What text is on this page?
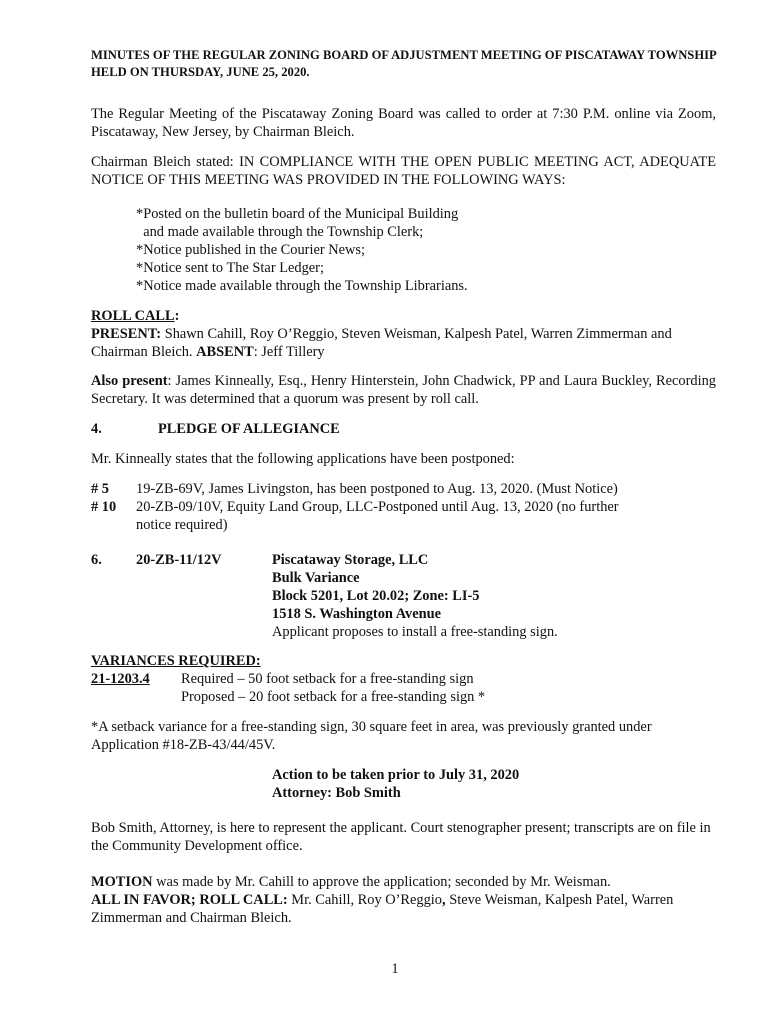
MINUTES OF THE REGULAR ZONING BOARD OF ADJUSTMENT MEETING OF PISCATAWAY TOWNSHIP HELD ON THURSDAY, JUNE 25, 2020.
The Regular Meeting of the Piscataway Zoning Board was called to order at 7:30 P.M. online via Zoom, Piscataway, New Jersey, by Chairman Bleich.
Chairman Bleich stated: IN COMPLIANCE WITH THE OPEN PUBLIC MEETING ACT, ADEQUATE NOTICE OF THIS MEETING WAS PROVIDED IN THE FOLLOWING WAYS:
*Posted on the bulletin board of the Municipal Building
and made available through the Township Clerk;
*Notice published in the Courier News;
*Notice sent to The Star Ledger;
*Notice made available through the Township Librarians.
ROLL CALL:
PRESENT: Shawn Cahill, Roy O’Reggio, Steven Weisman, Kalpesh Patel, Warren Zimmerman and Chairman Bleich. ABSENT: Jeff Tillery
Also present: James Kinneally, Esq., Henry Hinterstein, John Chadwick, PP and Laura Buckley, Recording Secretary. It was determined that a quorum was present by roll call.
4.	PLEDGE OF ALLEGIANCE
Mr. Kinneally states that the following applications have been postponed:
# 5 19-ZB-69V, James Livingston, has been postponed to Aug. 13, 2020. (Must Notice)
# 10 20-ZB-09/10V, Equity Land Group, LLC-Postponed until Aug. 13, 2020 (no further
notice required)
6. 20-ZB-11/12V	Piscataway Storage, LLC
Bulk Variance
Block 5201, Lot 20.02; Zone: LI-5
1518 S. Washington Avenue
Applicant proposes to install a free-standing sign.
VARIANCES REQUIRED:
21-1203.4 Required – 50 foot setback for a free-standing sign
Proposed – 20 foot setback for a free-standing sign *
*A setback variance for a free-standing sign, 30 square feet in area, was previously granted under Application #18-ZB-43/44/45V.
Action to be taken prior to July 31, 2020
Attorney: Bob Smith
Bob Smith, Attorney, is here to represent the applicant. Court stenographer present; transcripts are on file in the Community Development office.
MOTION was made by Mr. Cahill to approve the application; seconded by Mr. Weisman.
ALL IN FAVOR; ROLL CALL: Mr. Cahill, Roy O’Reggio, Steve Weisman, Kalpesh Patel, Warren Zimmerman and Chairman Bleich.
1
